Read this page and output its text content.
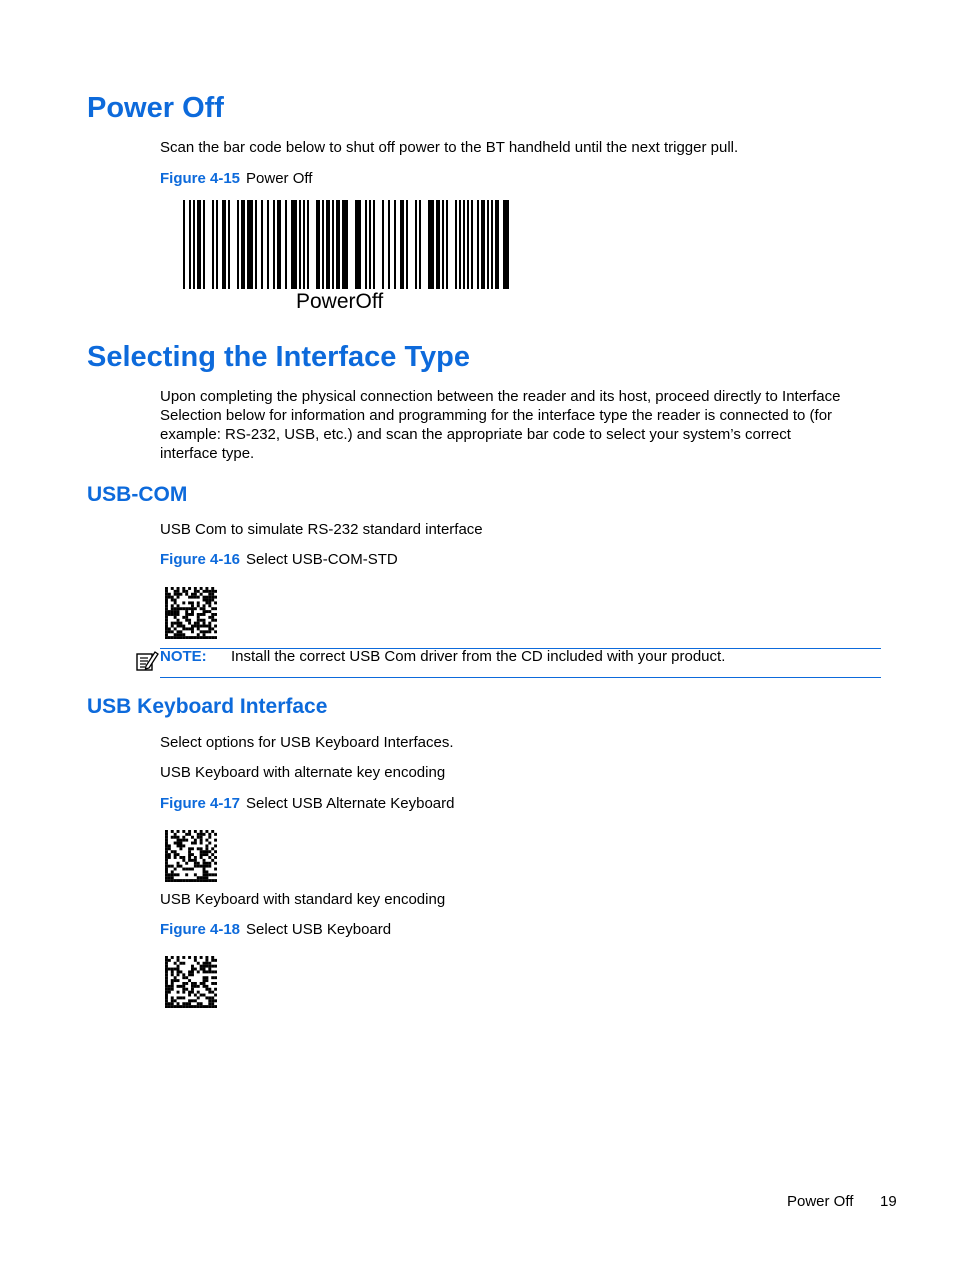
Power Off

Scan the bar code below to shut off power to the BT handheld until the next trigger pull.

Figure 4-15 Power Off

PowerOff
Selecting the Interface Type

Upon completing the physical connection between the reader and its host, proceed directly to Interface Selection below for information and programming for the interface type the reader is connected to (for example: RS-232, USB, etc.) and scan the appropriate bar code to select your system’s correct interface type.

USB-COM

USB Com to simulate RS-232 standard interface

Figure 4-16 Select USB-COM-STD

NOTE: Install the correct USB Com driver from the CD included with your product.
USB Keyboard Interface

Select options for USB Keyboard Interfaces.

USB Keyboard with alternate key encoding

Figure 4-17 Select USB Alternate Keyboard

USB Keyboard with standard key encoding

Figure 4-18 Select USB Keyboard

Power Off 19
